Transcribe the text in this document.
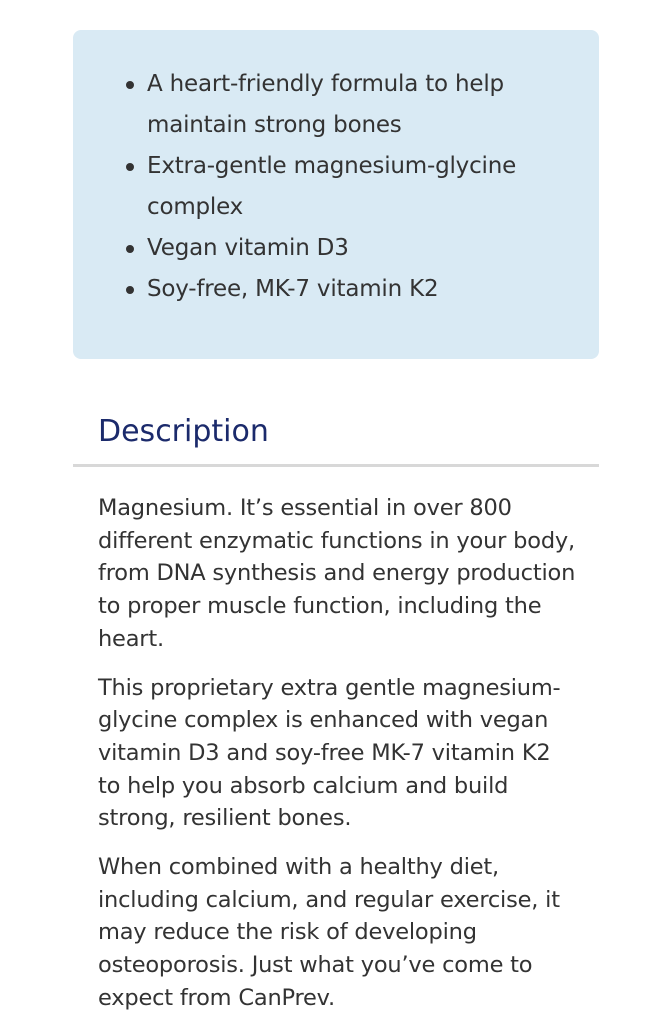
A heart-friendly formula to help maintain strong bones
Extra-gentle magnesium-glycine complex
Vegan vitamin D3
Soy-free, MK-7 vitamin K2
Description

Magnesium. It’s essential in over 800 different enzymatic functions in your body, from DNA synthesis and energy production to proper muscle function, including the heart.

This proprietary extra gentle magnesium-glycine complex is enhanced with vegan vitamin D3 and soy-free MK-7 vitamin K2 to help you absorb calcium and build strong, resilient bones.

When combined with a healthy diet, including calcium, and regular exercise, it may reduce the risk of developing osteoporosis. Just what you’ve come to expect from CanPrev.
